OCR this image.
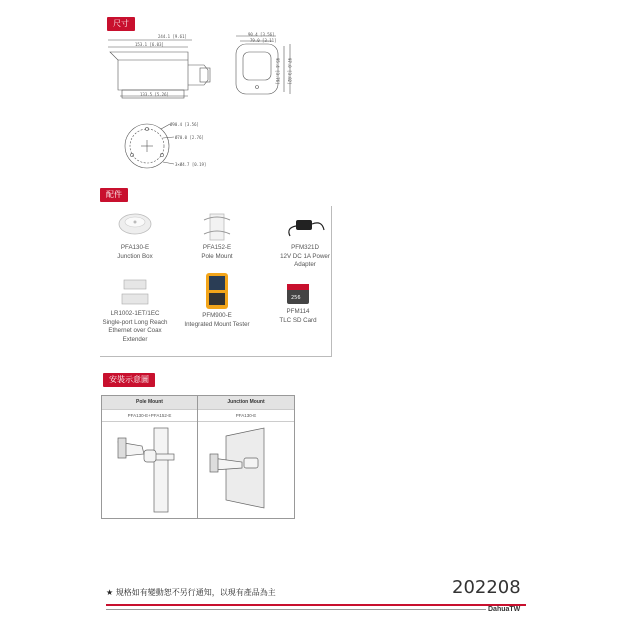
尺寸
配件
安裝示意圖
244.1 [9.61]
153.1 [6.03]
133.5 [5.26]
90.4 [3.56]
79.0 [3.11]
95.4 [3.76] 97.0 [3.82]
Ø90.4 [3.56]
Ø70.0 [2.76]
3×Ø4.7 [0.19]
PFA130-E
Junction Box
PFA152-E
Pole Mount
PFM321D
12V DC 1A Power Adapter
LR1002-1ET/1EC
Single-port Long Reach Ethernet over Coax Extender
PFM900-E
Integrated Mount Tester
256
PFM114
TLC SD Card
Pole Mount	Junction Mount
PFA130-E+PFA152-E	PFA130-E
★ 規格如有變動恕不另行通知，以現有產品為主	202208
DahuaTW
